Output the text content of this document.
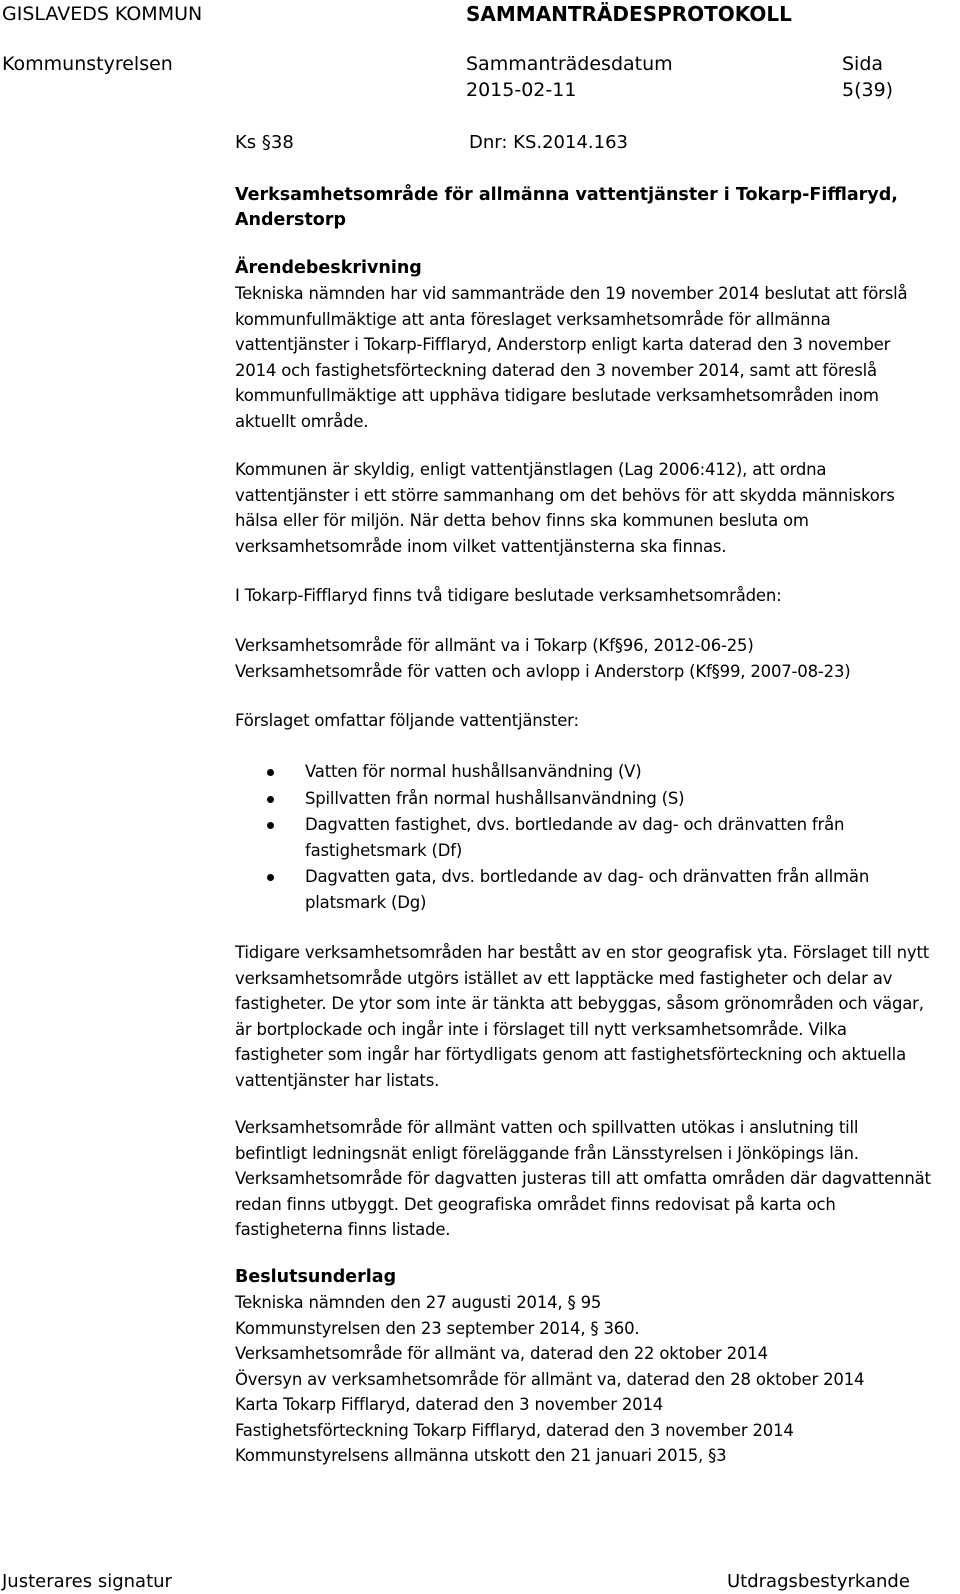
GISLAVEDS KOMMUN	SAMMANTRÄDESPROTOKOLL
Kommunstyrelsen	Sammanträdesdatum
2015-02-11
Sida
5(39)
Ks §38	Dnr: KS.2014.163
Verksamhetsområde för allmänna vattentjänster i Tokarp-Fifflaryd, Anderstorp
Ärendebeskrivning

Tekniska nämnden har vid sammanträde den 19 november 2014 beslutat att förslå kommunfullmäktige att anta föreslaget verksamhetsområde för allmänna vattentjänster i Tokarp-Fifflaryd, Anderstorp enligt karta daterad den 3 november 2014 och fastighetsförteckning daterad den 3 november 2014, samt att föreslå kommunfullmäktige att upphäva tidigare beslutade verksamhetsområden inom aktuellt område.

Kommunen är skyldig, enligt vattentjänstlagen (Lag 2006:412), att ordna vattentjänster i ett större sammanhang om det behövs för att skydda människors hälsa eller för miljön. När detta behov finns ska kommunen besluta om verksamhetsområde inom vilket vattentjänsterna ska finnas.
I Tokarp-Fifflaryd finns två tidigare beslutade verksamhetsområden:

Verksamhetsområde för allmänt va i Tokarp (Kf§96, 2012-06-25)

Verksamhetsområde för vatten och avlopp i Anderstorp (Kf§99, 2007-08-23)

Förslaget omfattar följande vattentjänster:
Vatten för normal hushållsanvändning (V)
Spillvatten från normal hushållsanvändning (S)
Dagvatten fastighet, dvs. bortledande av dag- och dränvatten från fastighetsmark (Df)
Dagvatten gata, dvs. bortledande av dag- och dränvatten från allmän platsmark (Dg)
Tidigare verksamhetsområden har bestått av en stor geografisk yta. Förslaget till nytt verksamhetsområde utgörs istället av ett lapptäcke med fastigheter och delar av fastigheter. De ytor som inte är tänkta att bebyggas, såsom grönområden och vägar, är bortplockade och ingår inte i förslaget till nytt verksamhetsområde. Vilka fastigheter som ingår har förtydligats genom att fastighetsförteckning och aktuella vattentjänster har listats.
Verksamhetsområde för allmänt vatten och spillvatten utökas i anslutning till befintligt ledningsnät enligt föreläggande från Länsstyrelsen i Jönköpings län. Verksamhetsområde för dagvatten justeras till att omfatta områden där dagvattennät redan finns utbyggt. Det geografiska området finns redovisat på karta och fastigheterna finns listade.
Beslutsunderlag

Tekniska nämnden den 27 augusti 2014, § 95

Kommunstyrelsen den 23 september 2014, § 360.

Verksamhetsområde för allmänt va, daterad den 22 oktober 2014

Översyn av verksamhetsområde för allmänt va, daterad den 28 oktober 2014

Karta Tokarp Fifflaryd, daterad den 3 november 2014

Fastighetsförteckning Tokarp Fifflaryd, daterad den 3 november 2014

Kommunstyrelsens allmänna utskott den 21 januari 2015, §3

Justerares signatur	Utdragsbestyrkande
